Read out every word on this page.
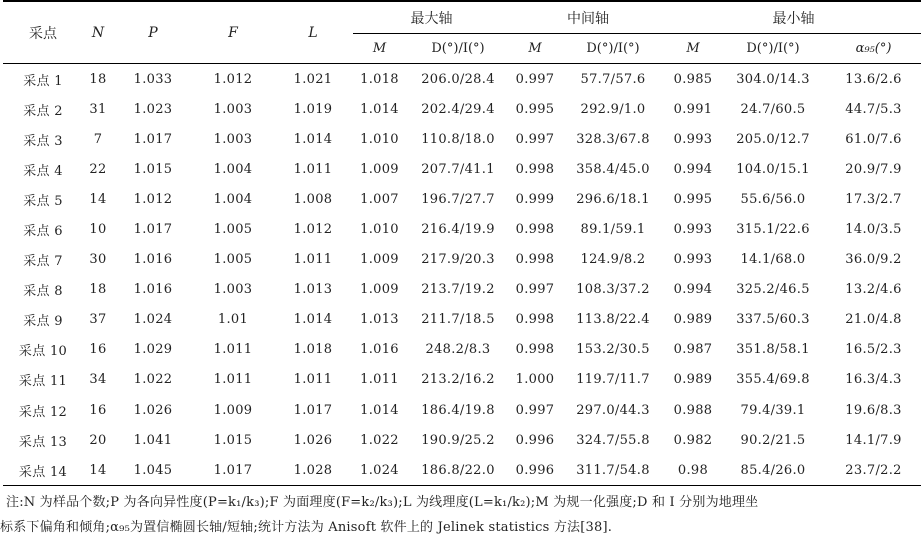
采点	N	P	F	L	最大轴		中间轴		最小轴		
					M	D(°)/I(°)	M	D(°)/I(°)	M	D(°)/I(°)	α₉₅(°)
采点 1	18	1.033	1.012	1.021	1.018	206.0/28.4	0.997	57.7/57.6	0.985	304.0/14.3	13.6/2.6
采点 2	31	1.023	1.003	1.019	1.014	202.4/29.4	0.995	292.9/1.0	0.991	24.7/60.5	44.7/5.3
采点 3	7	1.017	1.003	1.014	1.010	110.8/18.0	0.997	328.3/67.8	0.993	205.0/12.7	61.0/7.6
采点 4	22	1.015	1.004	1.011	1.009	207.7/41.1	0.998	358.4/45.0	0.994	104.0/15.1	20.9/7.9
采点 5	14	1.012	1.004	1.008	1.007	196.7/27.7	0.999	296.6/18.1	0.995	55.6/56.0	17.3/2.7
采点 6	10	1.017	1.005	1.012	1.010	216.4/19.9	0.998	89.1/59.1	0.993	315.1/22.6	14.0/3.5
采点 7	30	1.016	1.005	1.011	1.009	217.9/20.3	0.998	124.9/8.2	0.993	14.1/68.0	36.0/9.2
采点 8	18	1.016	1.003	1.013	1.009	213.7/19.2	0.997	108.3/37.2	0.994	325.2/46.5	13.2/4.6
采点 9	37	1.024	1.01	1.014	1.013	211.7/18.5	0.998	113.8/22.4	0.989	337.5/60.3	21.0/4.8
采点 10	16	1.029	1.011	1.018	1.016	248.2/8.3	0.998	153.2/30.5	0.987	351.8/58.1	16.5/2.3
采点 11	34	1.022	1.011	1.011	1.011	213.2/16.2	1.000	119.7/11.7	0.989	355.4/69.8	16.3/4.3
采点 12	16	1.026	1.009	1.017	1.014	186.4/19.8	0.997	297.0/44.3	0.988	79.4/39.1	19.6/8.3
采点 13	20	1.041	1.015	1.026	1.022	190.9/25.2	0.996	324.7/55.8	0.982	90.2/21.5	14.1/7.9
采点 14	14	1.045	1.017	1.028	1.024	186.8/22.0	0.996	311.7/54.8	0.98	85.4/26.0	23.7/2.2
注:N 为样品个数;P 为各向异性度(P=k₁/k₃);F 为面理度(F=k₂/k₃);L 为线理度(L=k₁/k₂);M 为规一化强度;D 和 I 分别为地理坐
标系下偏角和倾角;α₉₅为置信椭圆长轴/短轴;统计方法为 Anisoft 软件上的 Jelinek statistics 方法[38].
